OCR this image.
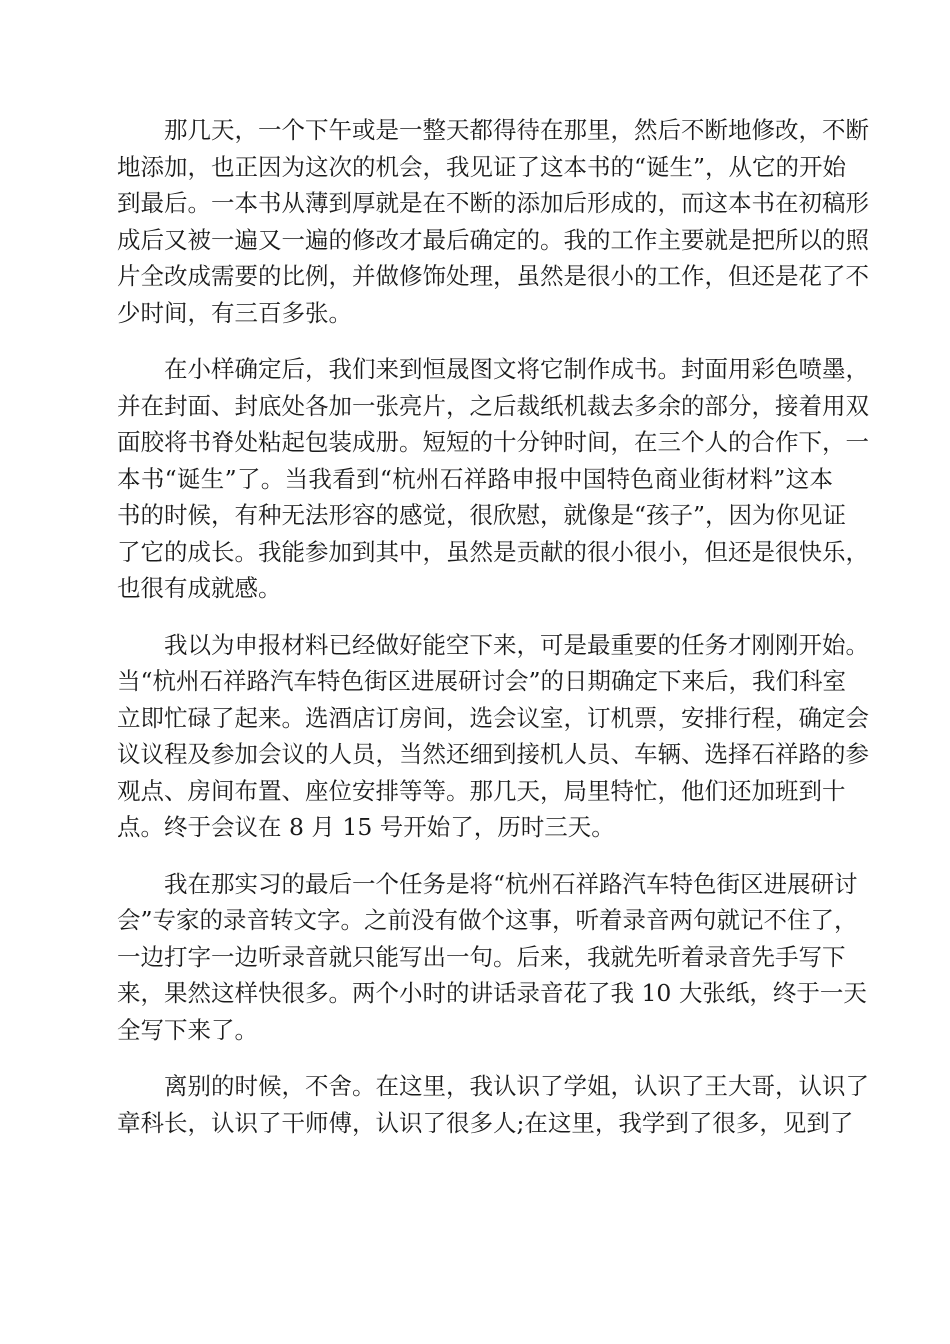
那几天，一个下午或是一整天都得待在那里，然后不断地修改，不断
地添加，也正因为这次的机会，我见证了这本书的“诞生”，从它的开始
到最后。一本书从薄到厚就是在不断的添加后形成的，而这本书在初稿形
成后又被一遍又一遍的修改才最后确定的。我的工作主要就是把所以的照
片全改成需要的比例，并做修饰处理，虽然是很小的工作，但还是花了不
少时间，有三百多张。
在小样确定后，我们来到恒晟图文将它制作成书。封面用彩色喷墨，
并在封面、封底处各加一张亮片，之后裁纸机裁去多余的部分，接着用双
面胶将书脊处粘起包装成册。短短的十分钟时间，在三个人的合作下，一
本书“诞生”了。当我看到“杭州石祥路申报中国特色商业街材料”这本
书的时候，有种无法形容的感觉，很欣慰，就像是“孩子”，因为你见证
了它的成长。我能参加到其中，虽然是贡献的很小很小，但还是很快乐，
也很有成就感。
我以为申报材料已经做好能空下来，可是最重要的任务才刚刚开始。
当“杭州石祥路汽车特色街区进展研讨会”的日期确定下来后，我们科室
立即忙碌了起来。选酒店订房间，选会议室，订机票，安排行程，确定会
议议程及参加会议的人员，当然还细到接机人员、车辆、选择石祥路的参
观点、房间布置、座位安排等等。那几天，局里特忙，他们还加班到十
点。终于会议在 8 月 15 号开始了，历时三天。
我在那实习的最后一个任务是将“杭州石祥路汽车特色街区进展研讨
会”专家的录音转文字。之前没有做个这事，听着录音两句就记不住了，
一边打字一边听录音就只能写出一句。后来，我就先听着录音先手写下
来，果然这样快很多。两个小时的讲话录音花了我 10 大张纸，终于一天
全写下来了。
离别的时候，不舍。在这里，我认识了学姐，认识了王大哥，认识了
章科长，认识了干师傅，认识了很多人;在这里，我学到了很多，见到了
